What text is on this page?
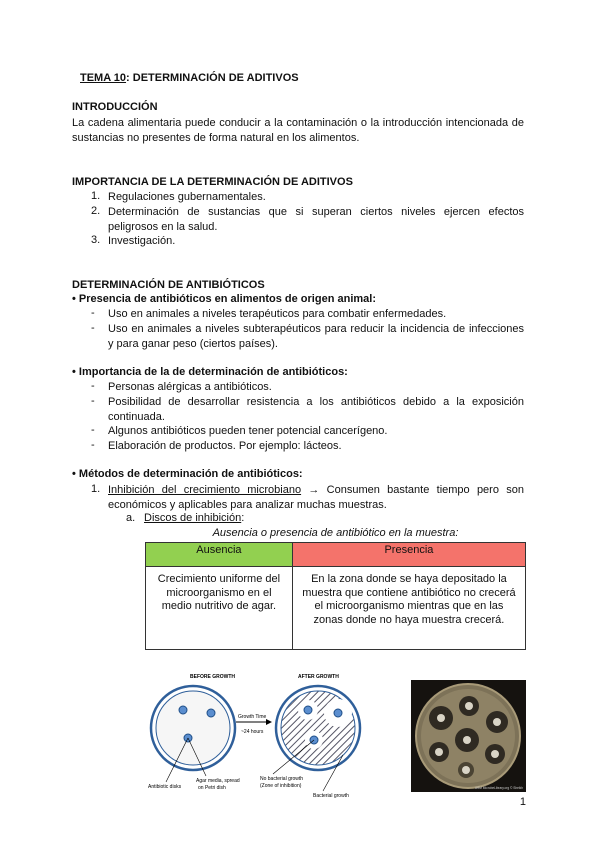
TEMA 10: DETERMINACIÓN DE ADITIVOS
INTRODUCCIÓN
La cadena alimentaria puede conducir a la contaminación o la introducción intencionada de sustancias no presentes de forma natural en los alimentos.
IMPORTANCIA DE LA DETERMINACIÓN DE ADITIVOS
1. Regulaciones gubernamentales.
2. Determinación de sustancias que si superan ciertos niveles ejercen efectos peligrosos en la salud.
3. Investigación.
DETERMINACIÓN DE ANTIBIÓTICOS
• Presencia de antibióticos en alimentos de origen animal:
- Uso en animales a niveles terapéuticos para combatir enfermedades.
- Uso en animales a niveles subterapéuticos para reducir la incidencia de infecciones y para ganar peso (ciertos países).
• Importancia de la de determinación de antibióticos:
- Personas alérgicas a antibióticos.
- Posibilidad de desarrollar resistencia a los antibióticos debido a la exposición continuada.
- Algunos antibióticos pueden tener potencial cancerígeno.
- Elaboración de productos. Por ejemplo: lácteos.
• Métodos de determinación de antibióticos:
1. Inhibición del crecimiento microbiano → Consumen bastante tiempo pero son económicos y aplicables para analizar muchas muestras.
a. Discos de inhibición:
Ausencia o presencia de antibiótico en la muestra:
Ausencia	Presencia
Crecimiento uniforme del microorganismo en el medio nutritivo de agar.	En la zona donde se haya depositado la muestra que contiene antibiótico no crecerá el microorganismo mientras que en las zonas donde no haya muestra crecerá.
BEFORE GROWTH	AFTER GROWTH
Growth Time
~24 hours
Antibiotic disks
Agar media, spread
on Petri dish
No bacterial growth
(Zone of inhibition)
Bacterial growth
ASM MicrobeLibrary.org © Sheikh
1
